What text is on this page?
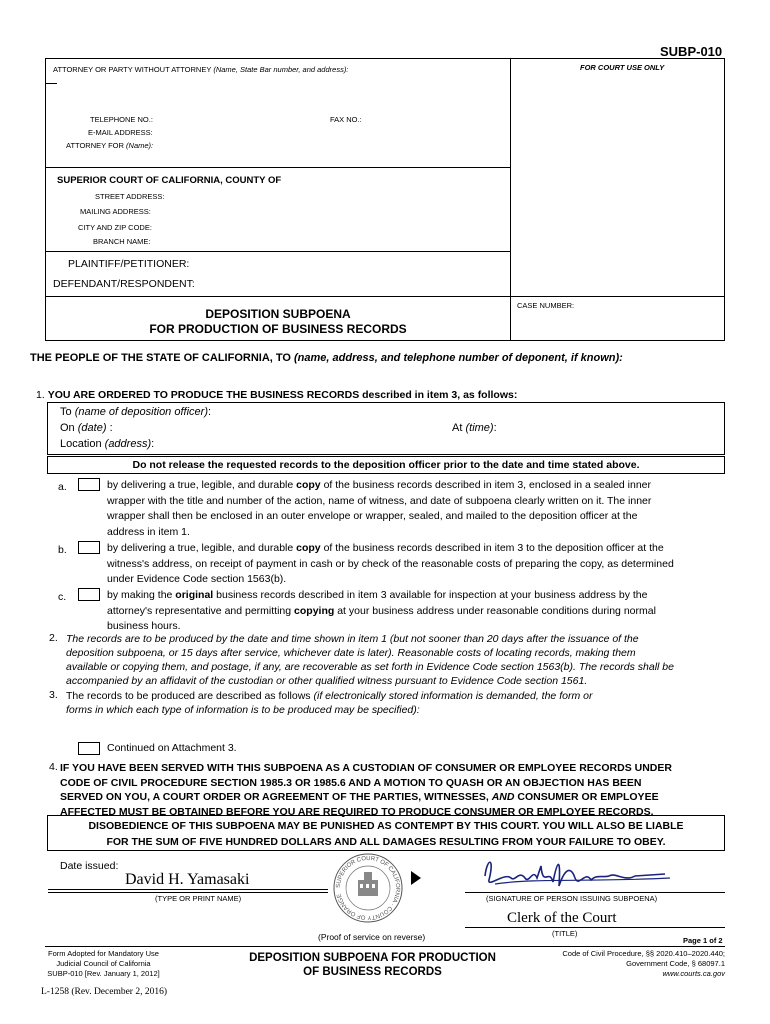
SUBP-010
ATTORNEY OR PARTY WITHOUT ATTORNEY (Name, State Bar number, and address):	FOR COURT USE ONLY
TELEPHONE NO.:	FAX NO.:
E-MAIL ADDRESS:
ATTORNEY FOR (Name):
SUPERIOR COURT OF CALIFORNIA, COUNTY OF
STREET ADDRESS:
MAILING ADDRESS:
CITY AND ZIP CODE:
BRANCH NAME:
PLAINTIFF/PETITIONER:
DEFENDANT/RESPONDENT:
DEPOSITION SUBPOENA
FOR PRODUCTION OF BUSINESS RECORDS
CASE NUMBER:
THE PEOPLE OF THE STATE OF CALIFORNIA, TO (name, address, and telephone number of deponent, if known):
1. YOU ARE ORDERED TO PRODUCE THE BUSINESS RECORDS described in item 3, as follows:
To (name of deposition officer):
On (date) :	At (time):
Location (address):
Do not release the requested records to the deposition officer prior to the date and time stated above.
a.	by delivering a true, legible, and durable copy of the business records described in item 3, enclosed in a sealed inner
wrapper with the title and number of the action, name of witness, and date of subpoena clearly written on it. The inner
wrapper shall then be enclosed in an outer envelope or wrapper, sealed, and mailed to the deposition officer at the
address in item 1.
b.	by delivering a true, legible, and durable copy of the business records described in item 3 to the deposition officer at the
witness's address, on receipt of payment in cash or by check of the reasonable costs of preparing the copy, as determined
under Evidence Code section 1563(b).
c.	by making the original business records described in item 3 available for inspection at your business address by the
attorney's representative and permitting copying at your business address under reasonable conditions during normal
business hours.
2. The records are to be produced by the date and time shown in item 1 (but not sooner than 20 days after the issuance of the
deposition subpoena, or 15 days after service, whichever date is later). Reasonable costs of locating records, making them
available or copying them, and postage, if any, are recoverable as set forth in Evidence Code section 1563(b). The records shall be
accompanied by an affidavit of the custodian or other qualified witness pursuant to Evidence Code section 1561.
3. The records to be produced are described as follows (if electronically stored information is demanded, the form or
forms in which each type of information is to be produced may be specified):
Continued on Attachment 3.
4. IF YOU HAVE BEEN SERVED WITH THIS SUBPOENA AS A CUSTODIAN OF CONSUMER OR EMPLOYEE RECORDS UNDER
CODE OF CIVIL PROCEDURE SECTION 1985.3 OR 1985.6 AND A MOTION TO QUASH OR AN OBJECTION HAS BEEN
SERVED ON YOU, A COURT ORDER OR AGREEMENT OF THE PARTIES, WITNESSES, AND CONSUMER OR EMPLOYEE
AFFECTED MUST BE OBTAINED BEFORE YOU ARE REQUIRED TO PRODUCE CONSUMER OR EMPLOYEE RECORDS.
DISOBEDIENCE OF THIS SUBPOENA MAY BE PUNISHED AS CONTEMPT BY THIS COURT. YOU WILL ALSO BE LIABLE
FOR THE SUM OF FIVE HUNDRED DOLLARS AND ALL DAMAGES RESULTING FROM YOUR FAILURE TO OBEY.
Date issued:
David H. Yamasaki
(TYPE OR PRINT NAME)
SUPERIOR COURT OF CALIFORNIA · COUNTY OF ORANGE	(SIGNATURE OF PERSON ISSUING SUBPOENA)
Clerk of the Court
(TITLE)
(Proof of service on reverse)	Page 1 of 2
Form Adopted for Mandatory Use
Judicial Council of California
SUBP-010 [Rev. January 1, 2012]
DEPOSITION SUBPOENA FOR PRODUCTION
OF BUSINESS RECORDS
Code of Civil Procedure, §§ 2020.410–2020.440;
Government Code, § 68097.1
www.courts.ca.gov
L-1258 (Rev. December 2, 2016)
